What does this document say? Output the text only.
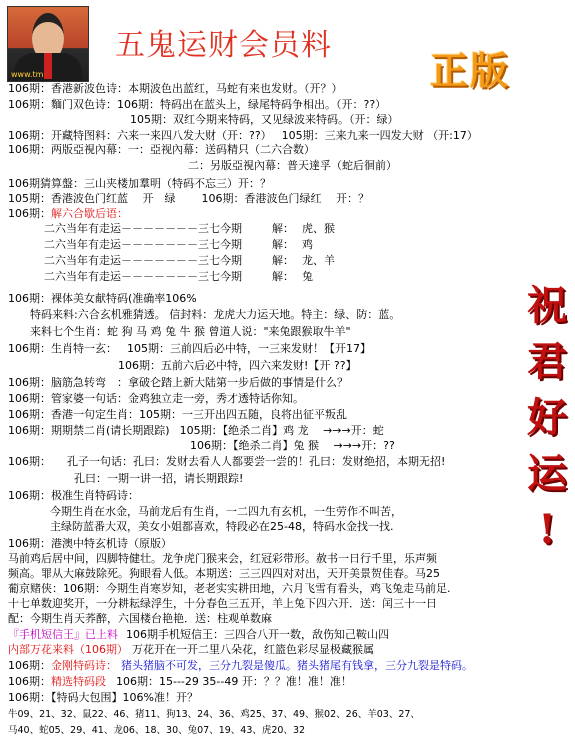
www.tm
五鬼运财会员料
正版
祝
君
好
运
!
106期：香港新波色诗：本期波色出蓝红，马蛇有来也发财。（开？）
106期：麵门双色诗：106期：特码出在蓝头上，绿尾特码争相出。（开：??）
105期：双红今期来特码，又见绿波来特码。（开：绿）
106期：开藏特图料：六来一来四八发大财（开：??） 105期：三来九来一四发大财 （开:17）
106期：两版亞視內幕：一：亞视內幕：送码精只（二六合数）
二：另版亞視內幕：普天達孚（蛇后徊前）
106期猜算盤：三山夹楼加羣明（特码不忘三）开：？
105期：香港波色门红蓝　 开　绿 106期：香港波色门绿红　 开：？
106期：解六合歇后语：
二六当年有走运－－－－－－－三七今期	解： 虎、猴
二六当年有走运－－－－－－－三七今期	解： 鸡
二六当年有走运－－－－－－－三七今期	解： 龙、羊
二六当年有走运－－－－－－－三七今期	解： 兔
106期：裸体美女献特码(准确率106%
特码来料:六合玄机雅猜透。 信封料：龙虎大力运天地。特主：绿、防：蓝。
来料七个生肖：蛇 狗 马 鸡 兔 牛 猴 曾道人说："来兔跟猴取牛羊"
106期：生肖特一玄： 105期：三前四后必中特，一三来发财！【开17】
106期：五前六后必中特，四六来发财!【开 ??】
106期：脑筋急转弯　：拿破仑踏上新大陆第一步后做的事情是什么？
106期：管家婆一句话：金鸡独立走一旁，秀才透特话你知。
106期：香港一句定生肖：105期：一三开出四五随，良将出征平叛乱
106期：期期禁二肖(请长期跟踪) 105期：【绝杀二肖】鸡 龙　 →→→开：蛇
106期：【绝杀二肖】兔 猴　 →→→开：??
106期： 孔子一句话：孔曰：发财去看人人都要尝一尝的！孔曰：发财绝招，本期无招!
孔曰：一期一讲一招，请长期跟踪!
106期：极准生肖特码诗：
今期生肖在水金，马前龙后有生肖，一二四九有玄机，一生劳作不叫苦，
主绿防蓝番大双，美女小姐都喜欢，特段必在25-48，特码水金找一找.
106期：港澳中特玄机诗（原版）
马前鸡后居中间，四脚特健壮。龙争虎门猴来会，红冠彩带形。赦书一日行千里，乐声频
频高。罪从大麻鼓除死。狗眼看人低。本期送：三三四四对对出，天开美景贺佳春。马25
葡京赌侠：106期：今期生肖寒岁知，老老实实耕田地，六月飞雪有看头，鸡飞兔走马前足.
十七单数迎奖开，一分耕耘绿浮生，十分春色三五开，羊上兔下四六开．送：闰三十一日
配：今期生肖天荞醉，六国楼台艳艳．送：柱观单数麻
『手机短信王』已上料 106期手机短信王：三四合八开一数，敌伤知己鞍山四
内部万花来料（106期） 万花开在一开二里八朵花，红篮色彩尽显极藏猴属
106期：金刚特码诗： 猪头猪脑不可发，三分九裂是傻瓜。猪头猪尾有钱拿，三分九裂是特码。
106期：精选特码段 106期：15---29 35--49 开：？？准！准！准！
106期：【特码大包围】106%准！开？
牛09、21、32、鼠22、46、猪11、狗13、24、36、鸡25、37、49、猴02、26、羊03、27、
马40、蛇05、29、41、龙06、18、30、兔07、19、43、虎20、32
